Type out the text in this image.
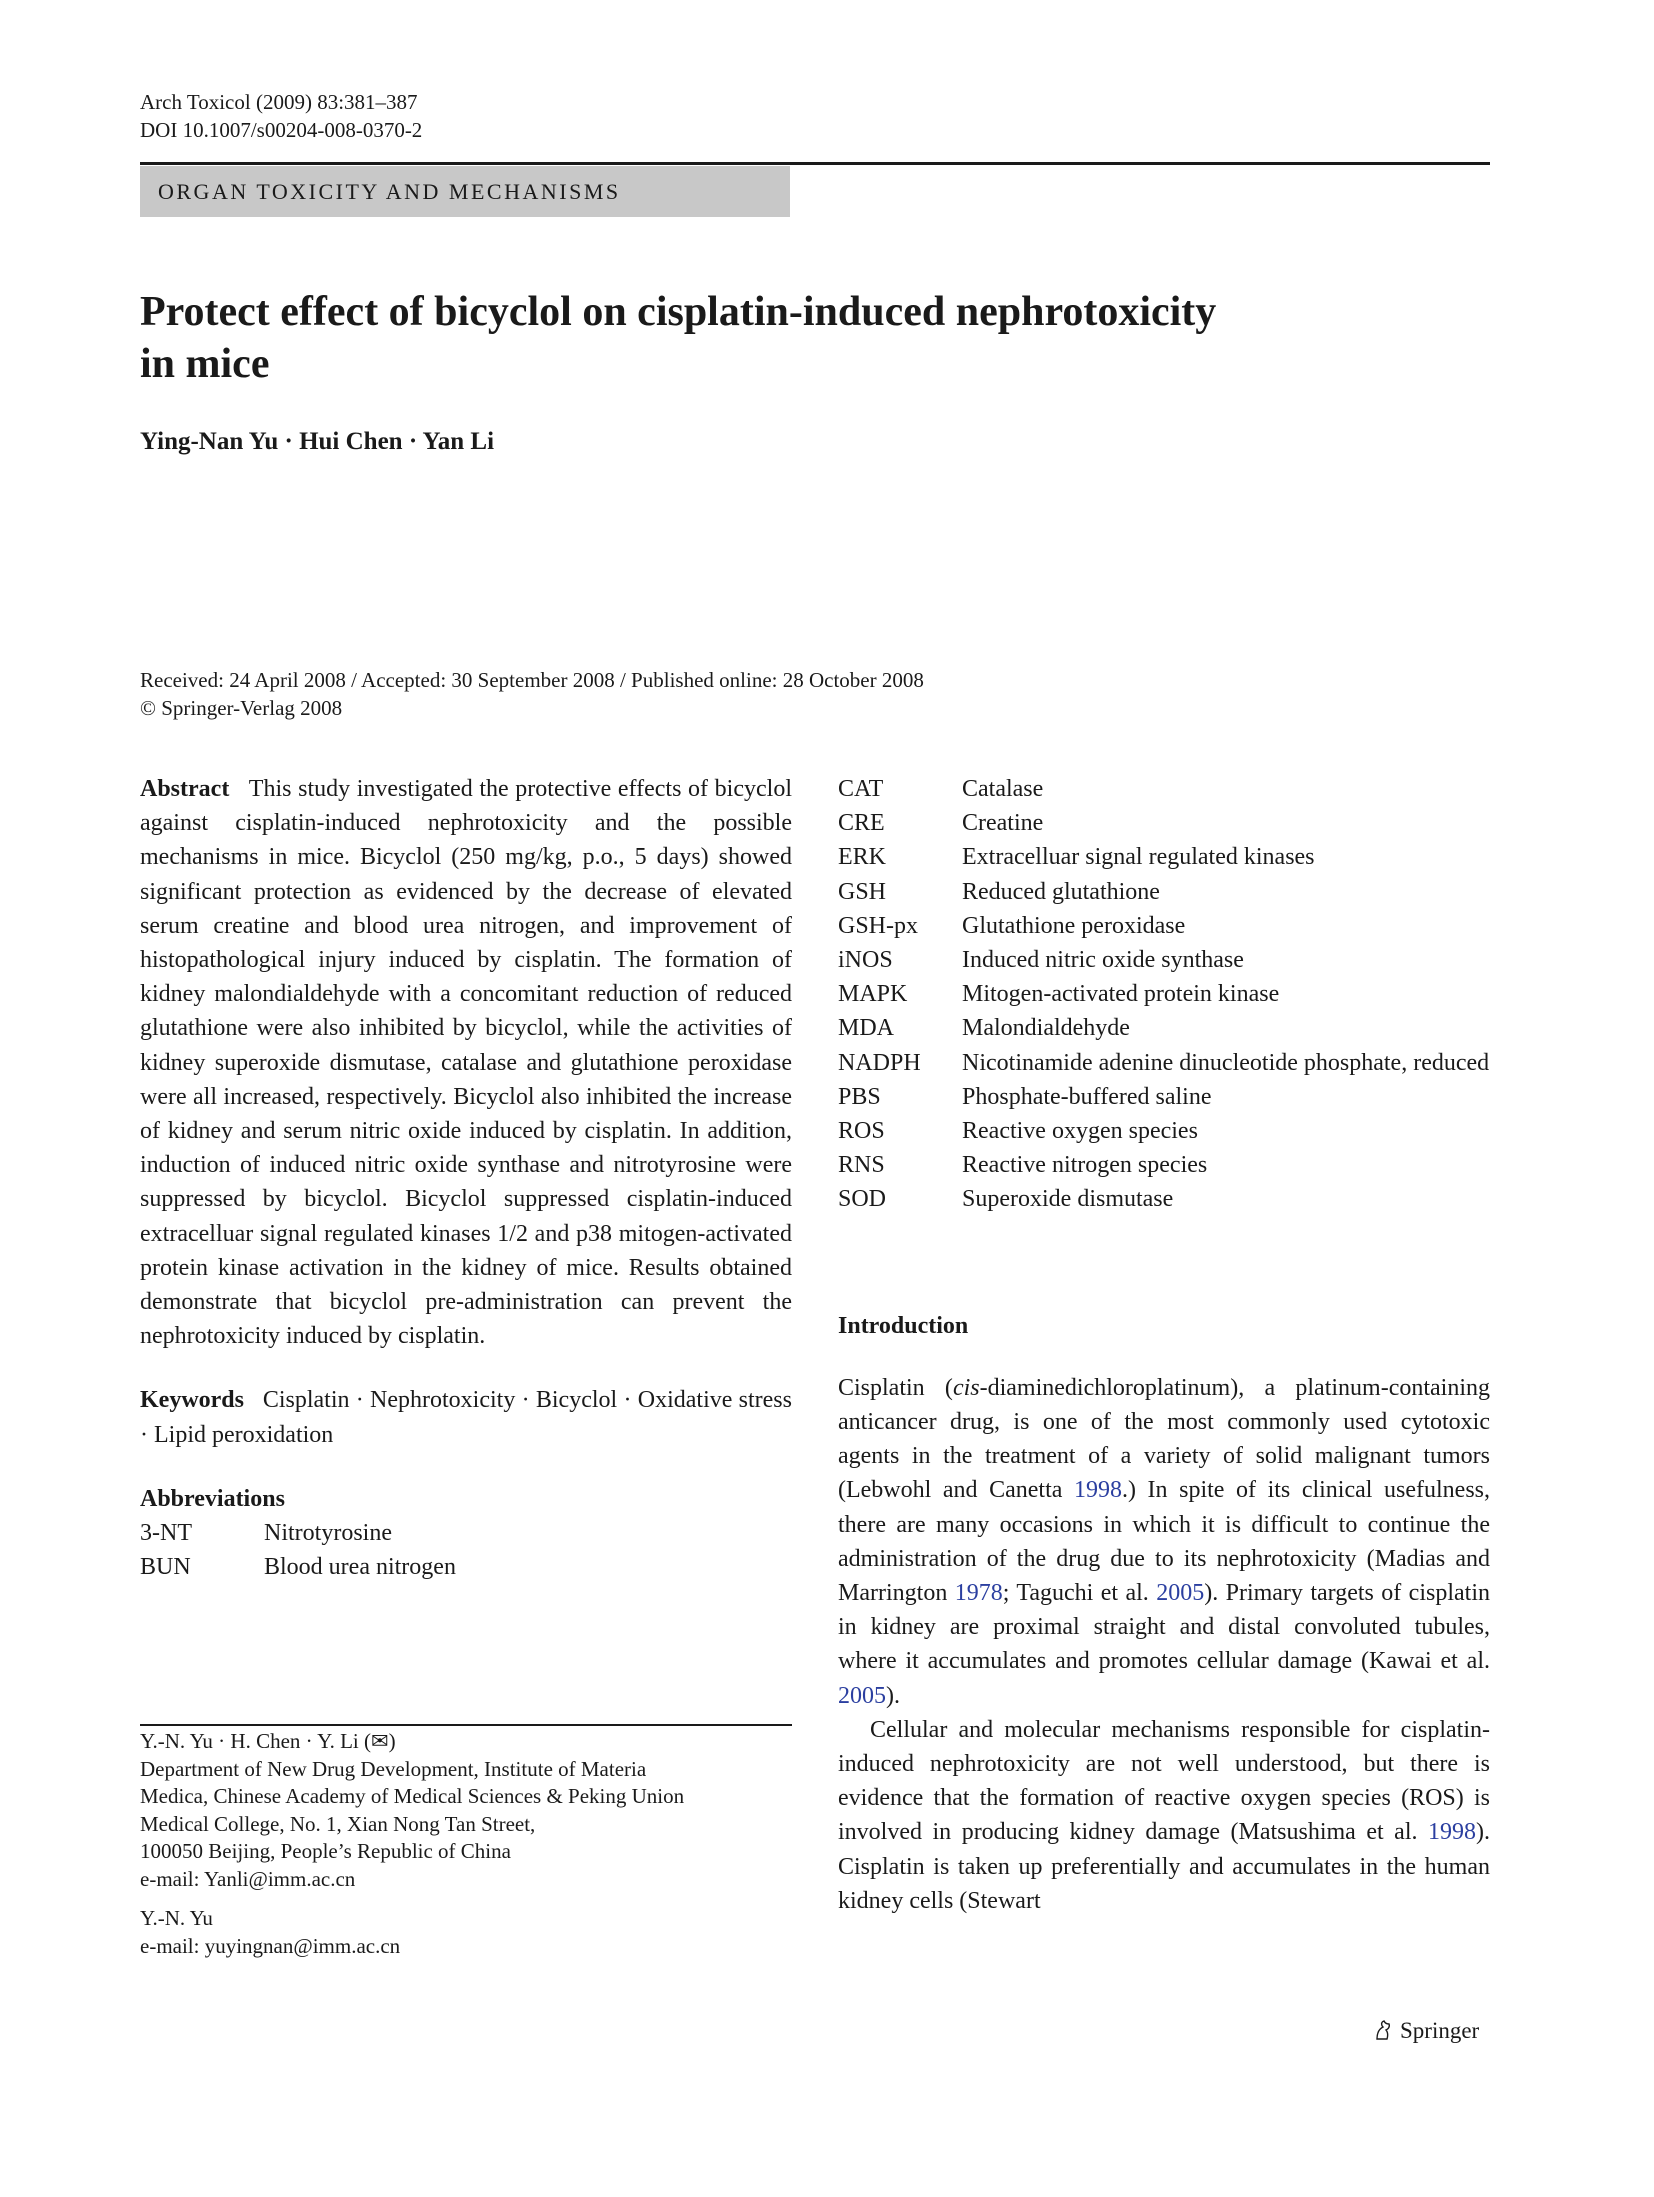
Arch Toxicol (2009) 83:381–387
DOI 10.1007/s00204-008-0370-2
ORGAN TOXICITY AND MECHANISMS
Protect effect of bicyclol on cisplatin-induced nephrotoxicity
in mice
Ying-Nan Yu · Hui Chen · Yan Li
Received: 24 April 2008 / Accepted: 30 September 2008 / Published online: 28 October 2008
© Springer-Verlag 2008
Abstract This study investigated the protective effects of bicyclol against cisplatin-induced nephrotoxicity and the possible mechanisms in mice. Bicyclol (250 mg/kg, p.o., 5 days) showed significant protection as evidenced by the decrease of elevated serum creatine and blood urea nitrogen, and improvement of histopathological injury induced by cisplatin. The formation of kidney malondialdehyde with a concomitant reduction of reduced glutathione were also inhibited by bicyclol, while the activities of kidney superoxide dismutase, catalase and glutathione peroxidase were all increased, respectively. Bicyclol also inhibited the increase of kidney and serum nitric oxide induced by cisplatin. In addition, induction of induced nitric oxide synthase and nitrotyrosine were suppressed by bicyclol. Bicyclol suppressed cisplatin-induced extracelluar signal regulated kinases 1/2 and p38 mitogen-activated protein kinase activation in the kidney of mice. Results obtained demonstrate that bicyclol pre-administration can prevent the nephrotoxicity induced by cisplatin.
Keywords Cisplatin · Nephrotoxicity · Bicyclol · Oxidative stress · Lipid peroxidation
Abbreviations
3-NT	Nitrotyrosine
BUN	Blood urea nitrogen
Y.-N. Yu · H. Chen · Y. Li (✉)
Department of New Drug Development, Institute of Materia
Medica, Chinese Academy of Medical Sciences & Peking Union
Medical College, No. 1, Xian Nong Tan Street,
100050 Beijing, People’s Republic of China
e-mail: Yanli@imm.ac.cn
Y.-N. Yu
e-mail: yuyingnan@imm.ac.cn
CAT	Catalase
CRE	Creatine
ERK	Extracelluar signal regulated kinases
GSH	Reduced glutathione
GSH-px	Glutathione peroxidase
iNOS	Induced nitric oxide synthase
MAPK	Mitogen-activated protein kinase
MDA	Malondialdehyde
NADPH	Nicotinamide adenine dinucleotide phosphate, reduced
PBS	Phosphate-buffered saline
ROS	Reactive oxygen species
RNS	Reactive nitrogen species
SOD	Superoxide dismutase
Introduction
Cisplatin (cis-diaminedichloroplatinum), a platinum-containing anticancer drug, is one of the most commonly used cytotoxic agents in the treatment of a variety of solid malignant tumors (Lebwohl and Canetta 1998.) In spite of its clinical usefulness, there are many occasions in which it is difficult to continue the administration of the drug due to its nephrotoxicity (Madias and Marrington 1978; Taguchi et al. 2005). Primary targets of cisplatin in kidney are proximal straight and distal convoluted tubules, where it accumulates and promotes cellular damage (Kawai et al. 2005).
Cellular and molecular mechanisms responsible for cisplatin-induced nephrotoxicity are not well understood, but there is evidence that the formation of reactive oxygen species (ROS) is involved in producing kidney damage (Matsushima et al. 1998). Cisplatin is taken up preferentially and accumulates in the human kidney cells (Stewart
Springer
